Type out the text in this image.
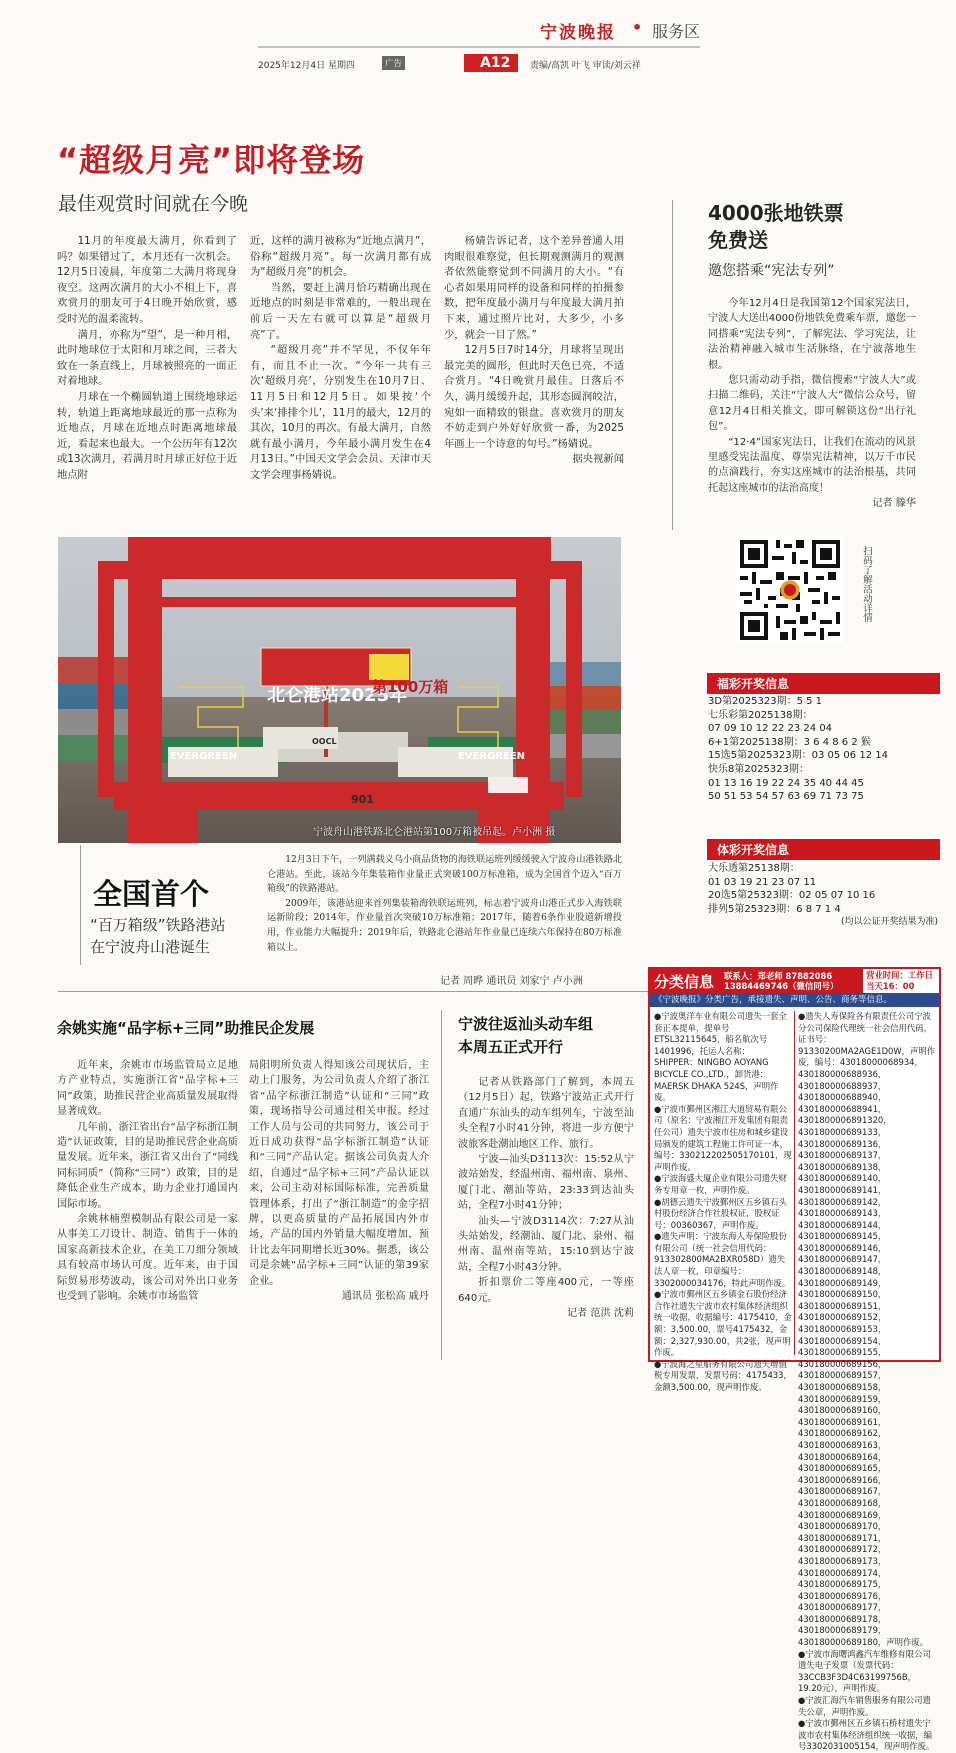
宁波晚报 • 服务区
2025年12月4日 星期四	广告	A12	责编/高凯 叶飞 审读/刘云祥
“超级月亮”即将登场
最佳观赏时间就在今晚

11月的年度最大满月，你看到了吗？如果错过了，本月还有一次机会。12月5日凌晨，年度第二大满月将现身夜空。这两次满月的大小不相上下，喜欢赏月的朋友可于4日晚开始欣赏，感受时光的温柔流转。

满月，亦称为“望”，是一种月相，此时地球位于太阳和月球之间，三者大致在一条直线上，月球被照亮的一面正对着地球。

月球在一个椭圆轨道上围绕地球运转，轨道上距离地球最近的那一点称为近地点，月球在近地点时距离地球最近，看起来也最大。一个公历年有12次或13次满月，若满月时月球正好位于近地点附

近，这样的满月被称为“近地点满月”，俗称“超级月亮”。每一次满月都有成为“超级月亮”的机会。

当然，要赶上满月恰巧精确出现在近地点的时刻是非常难的，一般出现在前后一天左右就可以算是“超级月亮”了。

“超级月亮”并不罕见，不仅年年有，而且不止一次。“今年一共有三次‘超级月亮’，分别发生在10月7日、11月5日和12月5日。如果按‘个头’来‘排排个儿’，11月的最大，12月的其次，10月的再次。有最大满月，自然就有最小满月，今年最小满月发生在4月13日。”中国天文学会会员、天津市天文学会理事杨婧说。

杨婧告诉记者，这个差异普通人用肉眼很难察觉，但长期观测满月的观测者依然能察觉到不同满月的大小。“有心者如果用同样的设备和同样的拍摄参数，把年度最小满月与年度最大满月拍下来，通过照片比对，大多少，小多少，就会一目了然。”

12月5日7时14分，月球将呈现出最完美的圆形，但此时天色已亮，不适合赏月。“4日晚赏月最佳。日落后不久，满月缓缓升起，其形态圆润皎洁，宛如一面精致的银盘。喜欢赏月的朋友不妨走到户外好好欣赏一番，为2025年画上一个诗意的句号。”杨婧说。

据央视新闻

4000张地铁票
免费送
邀您搭乘“宪法专列”

今年12月4日是我国第12个国家宪法日，宁波人大送出4000份地铁免费乘车票，邀您一同搭乘“宪法专列”，了解宪法、学习宪法，让法治精神融入城市生活脉络，在宁波落地生根。

您只需动动手指，微信搜索“宁波人大”或扫描二维码，关注“宁波人大”微信公众号，留意12月4日相关推文，即可解锁这份“出行礼包”。

“12·4”国家宪法日，让我们在流动的风景里感受宪法温度、尊崇宪法精神，以万千市民的点滴践行，夯实这座城市的法治根基，共同托起这座城市的法治高度！

记者 滕华

扫码了解活动详情
福彩开奖信息
3D第2025323期：5 5 1
七乐彩第2025138期：
07 09 10 12 22 23 24 04
6+1第2025138期：3 6 4 8 6 2 猴
15选5第2025323期：03 05 06 12 14
快乐8第2025323期：
01 13 16 19 22 24 35 40 44 45
50 51 53 54 57 63 69 71 73 75
体彩开奖信息
大乐透第25138期：
01 03 19 21 23 07 11
20选5第25323期：02 05 07 10 16
排列5第25323期：6 8 7 1 4
(均以公证开奖结果为准)
北仑港站2025年
第100万箱
EVERGREEN	EVERGREEN
OOCL
901
宁波舟山港铁路北仑港站第100万箱被吊起。卢小洲 摄
全国首个
“百万箱级”铁路港站
在宁波舟山港诞生

12月3日下午，一列满载义乌小商品货物的海铁联运班列缓缓驶入宁波舟山港铁路北仑港站。至此，该站今年集装箱作业量正式突破100万标准箱，成为全国首个迈入“百万箱级”的铁路港站。

2009年，该港站迎来首列集装箱海铁联运班列，标志着宁波舟山港正式步入海铁联运新阶段；2014年，作业量首次突破10万标准箱；2017年，随着6条作业股道新增投用，作业能力大幅提升；2019年后，铁路北仑港站年作业量已连续六年保持在80万标准箱以上。

记者 周晔 通讯员 刘家宁 卢小洲
余姚实施“品字标+三同”助推民企发展

近年来，余姚市市场监管局立足地方产业特点，实施浙江省“品字标+三同”政策，助推民营企业高质量发展取得显著成效。

几年前，浙江省出台“品字标浙江制造”认证政策，目的是助推民营企业高质量发展。近年来，浙江省又出台了“同线同标同质”（简称“三同”）政策，目的是降低企业生产成本，助力企业打通国内国际市场。

余姚林楠塑模制品有限公司是一家从事美工刀设计、制造、销售于一体的国家高新技术企业，在美工刀细分领域具有较高市场认可度。近年来，由于国际贸易形势波动，该公司对外出口业务也受到了影响。余姚市市场监管

局阳明所负责人得知该公司现状后，主动上门服务，为公司负责人介绍了浙江省“品字标浙江制造”认证和“三同”政策，现场指导公司通过相关申报。经过工作人员与公司的共同努力，该公司于近日成功获得“品字标浙江制造”认证和“三同”产品认定。据该公司负责人介绍，自通过“品字标+三同”产品认证以来，公司主动对标国际标准，完善质量管理体系，打出了“浙江制造”的金字招牌，以更高质量的产品拓展国内外市场，产品的国内外销量大幅度增加，预计比去年同期增长近30%。据悉，该公司是余姚“品字标+三同”认证的第39家企业。

通讯员 张松高 戚丹

宁波往返汕头动车组
本周五正式开行

记者从铁路部门了解到，本周五（12月5日）起，铁路宁波站正式开行直通广东汕头的动车组列车，宁波至汕头全程7小时41分钟，将进一步方便宁波旅客赴潮汕地区工作、旅行。

宁波—汕头D3113次：15:52从宁波站始发，经温州南、福州南、泉州、厦门北、潮汕等站，23:33到达汕头站，全程7小时41分钟；

汕头—宁波D3114次：7:27从汕头站始发，经潮汕、厦门北、泉州、福州南、温州南等站，15:10到达宁波站，全程7小时43分钟。

折扣票价二等座400元，一等座640元。

记者 范洪 沈莉

分类信息 联系人：郑老师 87882086 13884469746（微信同号）
营业时间：工作日当天16：00
《宁波晚报》分类广告，承接遗失、声明、公告、商务等信息。
●宁波奥洋车业有限公司遗失一套全套正本提单，提单号ETSL32115645，船名航次号1401996，托运人名称：SHIPPER：NINGBO AOYANG BICYCLE CO.,LTD.，卸货港：MAERSK DHAKA 524S，声明作废。
●宁波市鄞州区湘江大道贸易有限公司（原名：宁波湘江开发集团有限责任公司）遗失宁波市住房和城乡建设局颁发的建筑工程施工许可证一本，编号：330212202505170101，现声明作废。
●宁波海盛大厦企业有限公司遗失财务专用章一枚，声明作废。
●胡德云遗失宁波鄞州区五乡镇石头村股份经济合作社股权证，股权证号：00360367，声明作废。
●遗失声明：宁波东海人寿保险股份有限公司（统一社会信用代码：913302800MA2BXR058D）遗失法人章一枚，印章编号：3302000034176，特此声明作废。
●宁波市鄞州区五乡镇金石股份经济合作社遗失宁波市农村集体经济组织统一收据，收据编号：4175410，金额：3,500.00，票号4175432，金额：2,327,930.00，共2张，现声明作废。
●宁波海之星船务有限公司遗失增值税专用发票，发票号码：4175433，金额3,500.00，现声明作废。
●遗失人寿保险各有限责任公司宁波分公司保险代理统一社会信用代码，证书号：91330200MA2AGE1D0W，声明作废，编号：43018000068934，430180000688936，430180000688937，430180000688940，430180000688941，4301800006891320，430180000689133，430180000689136，430180000689137，430180000689138，430180000689140，430180000689141，430180000689142，430180000689143，430180000689144，430180000689145，430180000689146，430180000689147，430180000689148，430180000689149，430180000689150，430180000689151，430180000689152，430180000689153，430180000689154，430180000689155，430180000689156，430180000689157，430180000689158，430180000689159，430180000689160，430180000689161，430180000689162，430180000689163，430180000689164，430180000689165，430180000689166，430180000689167，430180000689168，430180000689169，430180000689170，430180000689171，430180000689172，430180000689173，430180000689174，430180000689175，430180000689176，430180000689177，430180000689178，430180000689179，430180000689180，声明作废。
●宁波市海曙鸿鑫汽车维修有限公司遗失电子发票（发票代码：33CCB3F3D4C63199756B，19.20元），声明作废。
●宁波汇海汽车销售服务有限公司遗失公章，声明作废。
●宁波市鄞州区五乡镇石桥村遗失宁波市农村集体经济组织统一收据，编号3302031005154，现声明作废。
